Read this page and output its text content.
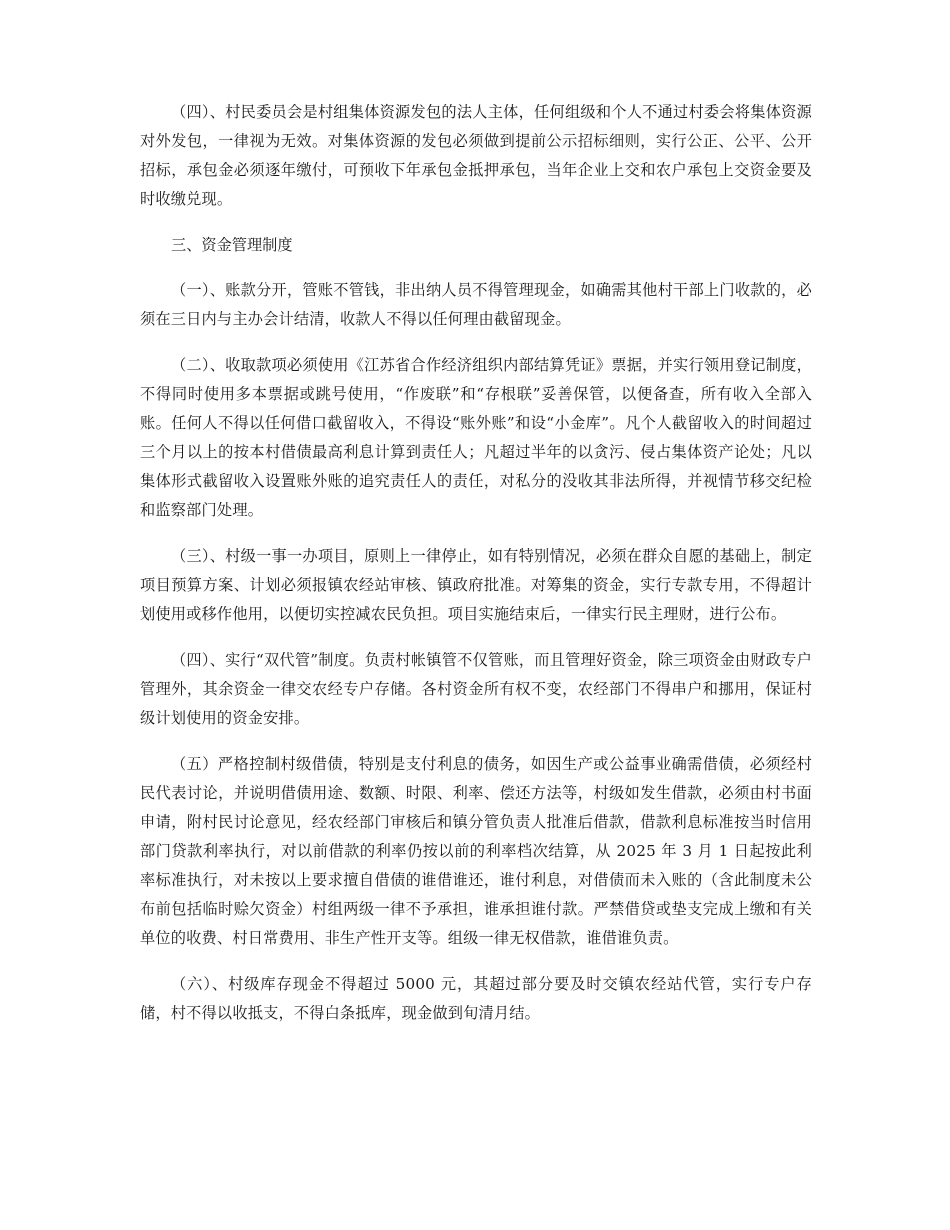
（四）、村民委员会是村组集体资源发包的法人主体，任何组级和个人不通过村委会将集体资源对外发包，一律视为无效。对集体资源的发包必须做到提前公示招标细则，实行公正、公平、公开招标，承包金必须逐年缴付，可预收下年承包金抵押承包，当年企业上交和农户承包上交资金要及时收缴兑现。

三、资金管理制度

（一）、账款分开，管账不管钱，非出纳人员不得管理现金，如确需其他村干部上门收款的，必须在三日内与主办会计结清，收款人不得以任何理由截留现金。

（二）、收取款项必须使用《江苏省合作经济组织内部结算凭证》票据，并实行领用登记制度，不得同时使用多本票据或跳号使用，“作废联”和“存根联”妥善保管，以便备查，所有收入全部入账。任何人不得以任何借口截留收入，不得设“账外账”和设“小金库”。凡个人截留收入的时间超过三个月以上的按本村借债最高利息计算到责任人；凡超过半年的以贪污、侵占集体资产论处；凡以集体形式截留收入设置账外账的追究责任人的责任，对私分的没收其非法所得，并视情节移交纪检和监察部门处理。

（三）、村级一事一办项目，原则上一律停止，如有特别情况，必须在群众自愿的基础上，制定项目预算方案、计划必须报镇农经站审核、镇政府批准。对筹集的资金，实行专款专用，不得超计划使用或移作他用，以便切实控减农民负担。项目实施结束后，一律实行民主理财，进行公布。

（四）、实行“双代管”制度。负责村帐镇管不仅管账，而且管理好资金，除三项资金由财政专户管理外，其余资金一律交农经专户存储。各村资金所有权不变，农经部门不得串户和挪用，保证村级计划使用的资金安排。

（五）严格控制村级借债，特别是支付利息的债务，如因生产或公益事业确需借债，必须经村民代表讨论，并说明借债用途、数额、时限、利率、偿还方法等，村级如发生借款，必须由村书面申请，附村民讨论意见，经农经部门审核后和镇分管负责人批准后借款，借款利息标准按当时信用部门贷款利率执行，对以前借款的利率仍按以前的利率档次结算，从 2025 年 3 月 1 日起按此利率标准执行，对未按以上要求擅自借债的谁借谁还，谁付利息，对借债而未入账的（含此制度未公布前包括临时赊欠资金）村组两级一律不予承担，谁承担谁付款。严禁借贷或垫支完成上缴和有关单位的收费、村日常费用、非生产性开支等。组级一律无权借款，谁借谁负责。

（六）、村级库存现金不得超过 5000 元，其超过部分要及时交镇农经站代管，实行专户存储，村不得以收抵支，不得白条抵库，现金做到旬清月结。
